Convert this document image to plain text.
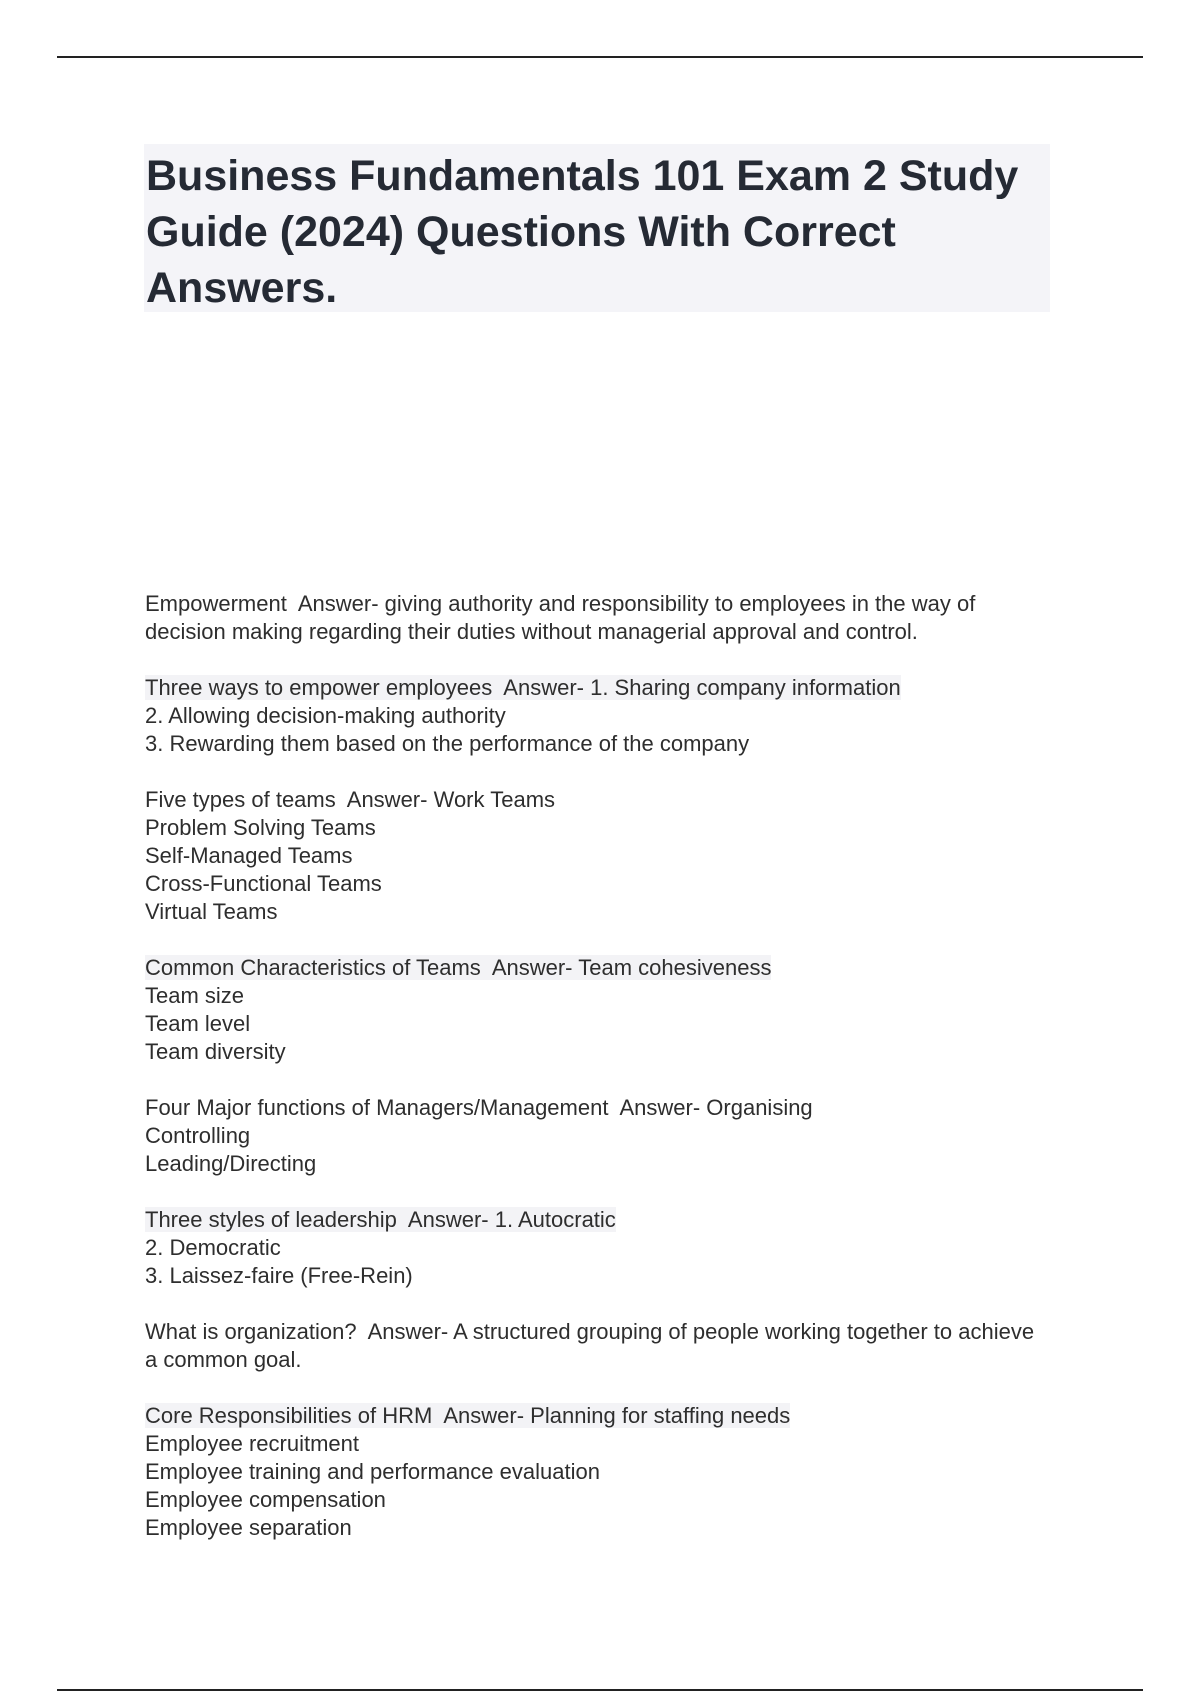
Business Fundamentals 101 Exam 2 Study Guide (2024) Questions With Correct Answers.

Empowerment Answer- giving authority and responsibility to employees in the way of decision making regarding their duties without managerial approval and control.

Three ways to empower employees Answer- 1. Sharing company information
2. Allowing decision-making authority
3. Rewarding them based on the performance of the company

Five types of teams Answer- Work Teams
Problem Solving Teams
Self-Managed Teams
Cross-Functional Teams
Virtual Teams

Common Characteristics of Teams Answer- Team cohesiveness
Team size
Team level
Team diversity

Four Major functions of Managers/Management Answer- Organising
Controlling
Leading/Directing

Three styles of leadership Answer- 1. Autocratic
2. Democratic
3. Laissez-faire (Free-Rein)

What is organization? Answer- A structured grouping of people working together to achieve a common goal.

Core Responsibilities of HRM Answer- Planning for staffing needs
Employee recruitment
Employee training and performance evaluation
Employee compensation
Employee separation
